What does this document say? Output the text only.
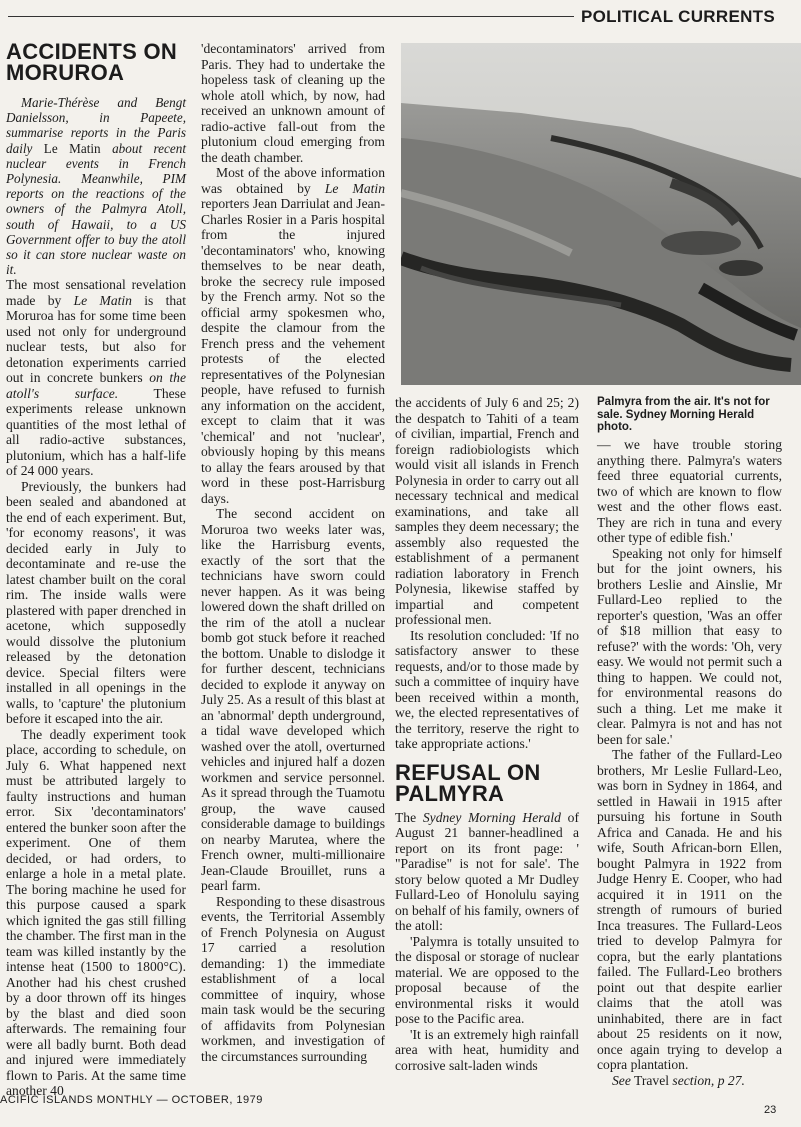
POLITICAL CURRENTS
ACCIDENTS ON MORUROA

Marie-Thérèse and Bengt Danielsson, in Papeete, summarise reports in the Paris daily Le Matin about recent nuclear events in French Polynesia. Meanwhile, PIM reports on the reactions of the owners of the Palmyra Atoll, south of Hawaii, to a US Government offer to buy the atoll so it can store nuclear waste on it.

The most sensational revelation made by Le Matin is that Moruroa has for some time been used not only for underground nuclear tests, but also for detonation experiments carried out in concrete bunkers on the atoll's surface. These experiments release unknown quantities of the most lethal of all radio-active substances, plutonium, which has a half-life of 24 000 years.

Previously, the bunkers had been sealed and abandoned at the end of each experiment. But, 'for economy reasons', it was decided early in July to decontaminate and re-use the latest chamber built on the coral rim. The inside walls were plastered with paper drenched in acetone, which supposedly would dissolve the plutonium released by the detonation device. Special filters were installed in all openings in the walls, to 'capture' the plutonium before it escaped into the air.

The deadly experiment took place, according to schedule, on July 6. What happened next must be attributed largely to faulty instructions and human error. Six 'decontaminators' entered the bunker soon after the experiment. One of them decided, or had orders, to enlarge a hole in a metal plate. The boring machine he used for this purpose caused a spark which ignited the gas still filling the chamber. The first man in the team was killed instantly by the intense heat (1500 to 1800°C). Another had his chest crushed by a door thrown off its hinges by the blast and died soon afterwards. The remaining four were all badly burnt. Both dead and injured were immediately flown to Paris. At the same time another 40

'decontaminators' arrived from Paris. They had to undertake the hopeless task of cleaning up the whole atoll which, by now, had received an unknown amount of radio-active fall-out from the plutonium cloud emerging from the death chamber.

Most of the above information was obtained by Le Matin reporters Jean Darriulat and Jean-Charles Rosier in a Paris hospital from the injured 'decontaminators' who, knowing themselves to be near death, broke the secrecy rule imposed by the French army. Not so the official army spokesmen who, despite the clamour from the French press and the vehement protests of the elected representatives of the Polynesian people, have refused to furnish any information on the accident, except to claim that it was 'chemical' and not 'nuclear', obviously hoping by this means to allay the fears aroused by that word in these post-Harrisburg days.

The second accident on Moruroa two weeks later was, like the Harrisburg events, exactly of the sort that the technicians have sworn could never happen. As it was being lowered down the shaft drilled on the rim of the atoll a nuclear bomb got stuck before it reached the bottom. Unable to dislodge it for further descent, technicians decided to explode it anyway on July 25. As a result of this blast at an 'abnormal' depth underground, a tidal wave developed which washed over the atoll, overturned vehicles and injured half a dozen workmen and service personnel. As it spread through the Tuamotu group, the wave caused considerable damage to buildings on nearby Marutea, where the French owner, multi-millionaire Jean-Claude Brouillet, runs a pearl farm.

Responding to these disastrous events, the Territorial Assembly of French Polynesia on August 17 carried a resolution demanding: 1) the immediate establishment of a local committee of inquiry, whose main task would be the securing of affidavits from Polynesian workmen, and investigation of the circumstances surrounding

Palmyra from the air. It's not for sale. Sydney Morning Herald photo.

the accidents of July 6 and 25; 2) the despatch to Tahiti of a team of civilian, impartial, French and foreign radiobiologists which would visit all islands in French Polynesia in order to carry out all necessary technical and medical examinations, and take all samples they deem necessary; the assembly also requested the establishment of a permanent radiation laboratory in French Polynesia, likewise staffed by impartial and competent professional men.

Its resolution concluded: 'If no satisfactory answer to these requests, and/or to those made by such a committee of inquiry have been received within a month, we, the elected representatives of the territory, reserve the right to take appropriate actions.'

REFUSAL ON PALMYRA

The Sydney Morning Herald of August 21 banner-headlined a report on its front page: ' "Paradise" is not for sale'. The story below quoted a Mr Dudley Fullard-Leo of Honolulu saying on behalf of his family, owners of the atoll:

'Palymra is totally unsuited to the disposal or storage of nuclear material. We are opposed to the proposal because of the environmental risks it would pose to the Pacific area.

'It is an extremely high rainfall area with heat, humidity and corrosive salt-laden winds

— we have trouble storing anything there. Palmyra's waters feed three equatorial currents, two of which are known to flow west and the other flows east. They are rich in tuna and every other type of edible fish.'

Speaking not only for himself but for the joint owners, his brothers Leslie and Ainslie, Mr Fullard-Leo replied to the reporter's question, 'Was an offer of $18 million that easy to refuse?' with the words: 'Oh, very easy. We would not permit such a thing to happen. We could not, for environmental reasons do such a thing. Let me make it clear. Palmyra is not and has not been for sale.'

The father of the Fullard-Leo brothers, Mr Leslie Fullard-Leo, was born in Sydney in 1864, and settled in Hawaii in 1915 after pursuing his fortune in South Africa and Canada. He and his wife, South African-born Ellen, bought Palmyra in 1922 from Judge Henry E. Cooper, who had acquired it in 1911 on the strength of rumours of buried Inca treasures. The Fullard-Leos tried to develop Palmyra for copra, but the early plantations failed. The Fullard-Leo brothers point out that despite earlier claims that the atoll was uninhabited, there are in fact about 25 residents on it now, once again trying to develop a copra plantation.

See Travel section, p 27.

ACIFIC ISLANDS MONTHLY — OCTOBER, 1979
23
